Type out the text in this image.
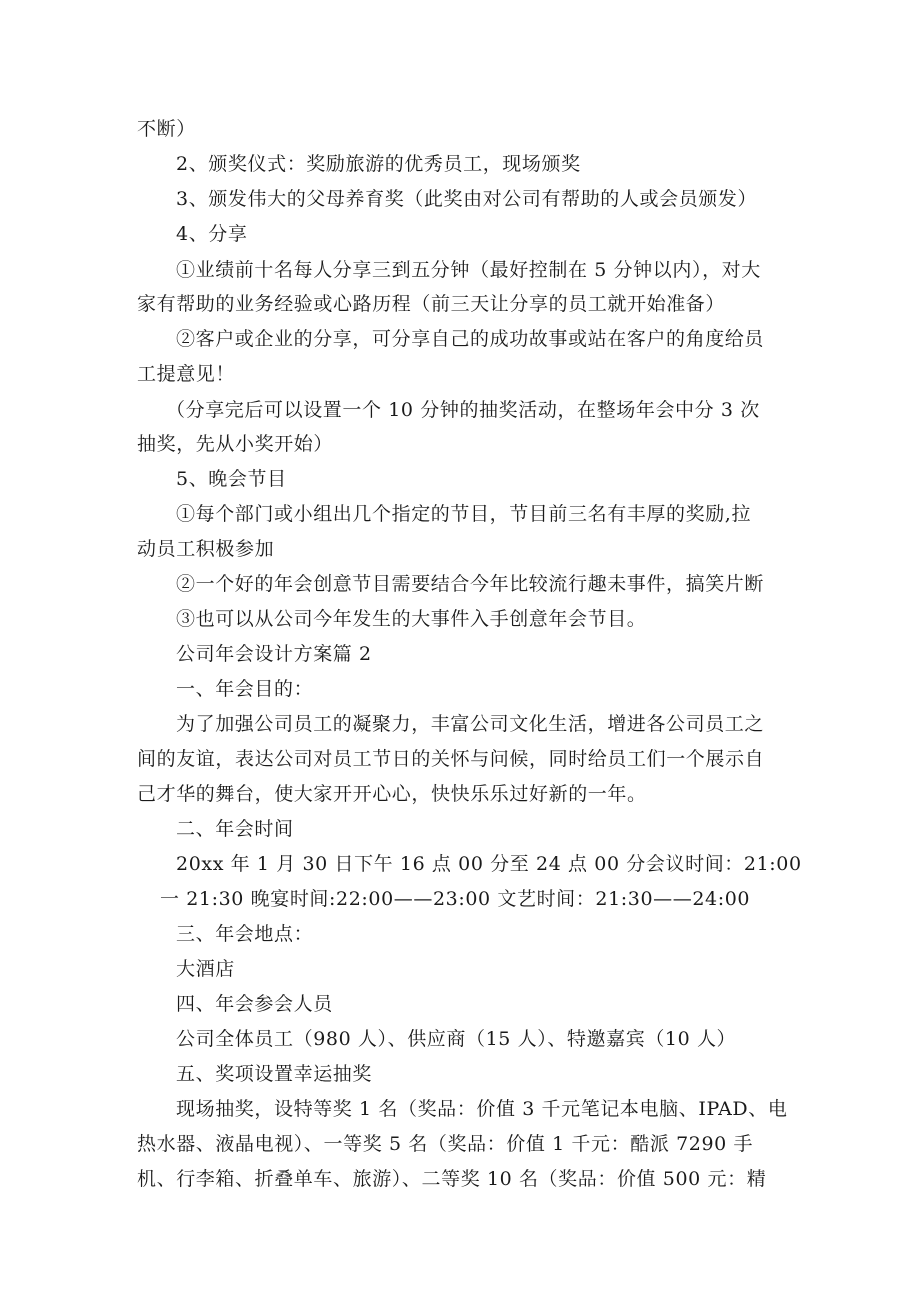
不断）
2、颁奖仪式：奖励旅游的优秀员工，现场颁奖
3、颁发伟大的父母养育奖（此奖由对公司有帮助的人或会员颁发）
4、分享
①业绩前十名每人分享三到五分钟（最好控制在 5 分钟以内），对大
家有帮助的业务经验或心路历程（前三天让分享的员工就开始准备）
②客户或企业的分享，可分享自己的成功故事或站在客户的角度给员
工提意见！
（分享完后可以设置一个 10 分钟的抽奖活动，在整场年会中分 3 次
抽奖，先从小奖开始）
5、晚会节目
①每个部门或小组出几个指定的节目，节目前三名有丰厚的奖励,拉
动员工积极参加
②一个好的年会创意节目需要结合今年比较流行趣未事件，搞笑片断
③也可以从公司今年发生的大事件入手创意年会节目。
公司年会设计方案篇 2
一、年会目的：
为了加强公司员工的凝聚力，丰富公司文化生活，增进各公司员工之
间的友谊，表达公司对员工节日的关怀与问候，同时给员工们一个展示自
己才华的舞台，使大家开开心心，快快乐乐过好新的一年。
二、年会时间
20xx 年 1 月 30 日下午 16 点 00 分至 24 点 00 分会议时间：21:00
一 21:30 晚宴时间:22:00——23:00 文艺时间：21:30——24:00
三、年会地点：
大酒店
四、年会参会人员
公司全体员工（980 人）、供应商（15 人）、特邀嘉宾（10 人）
五、奖项设置幸运抽奖
现场抽奖，设特等奖 1 名（奖品：价值 3 千元笔记本电脑、IPAD、电
热水器、液晶电视）、一等奖 5 名（奖品：价值 1 千元：酷派 7290 手
机、行李箱、折叠单车、旅游）、二等奖 10 名（奖品：价值 500 元：精
